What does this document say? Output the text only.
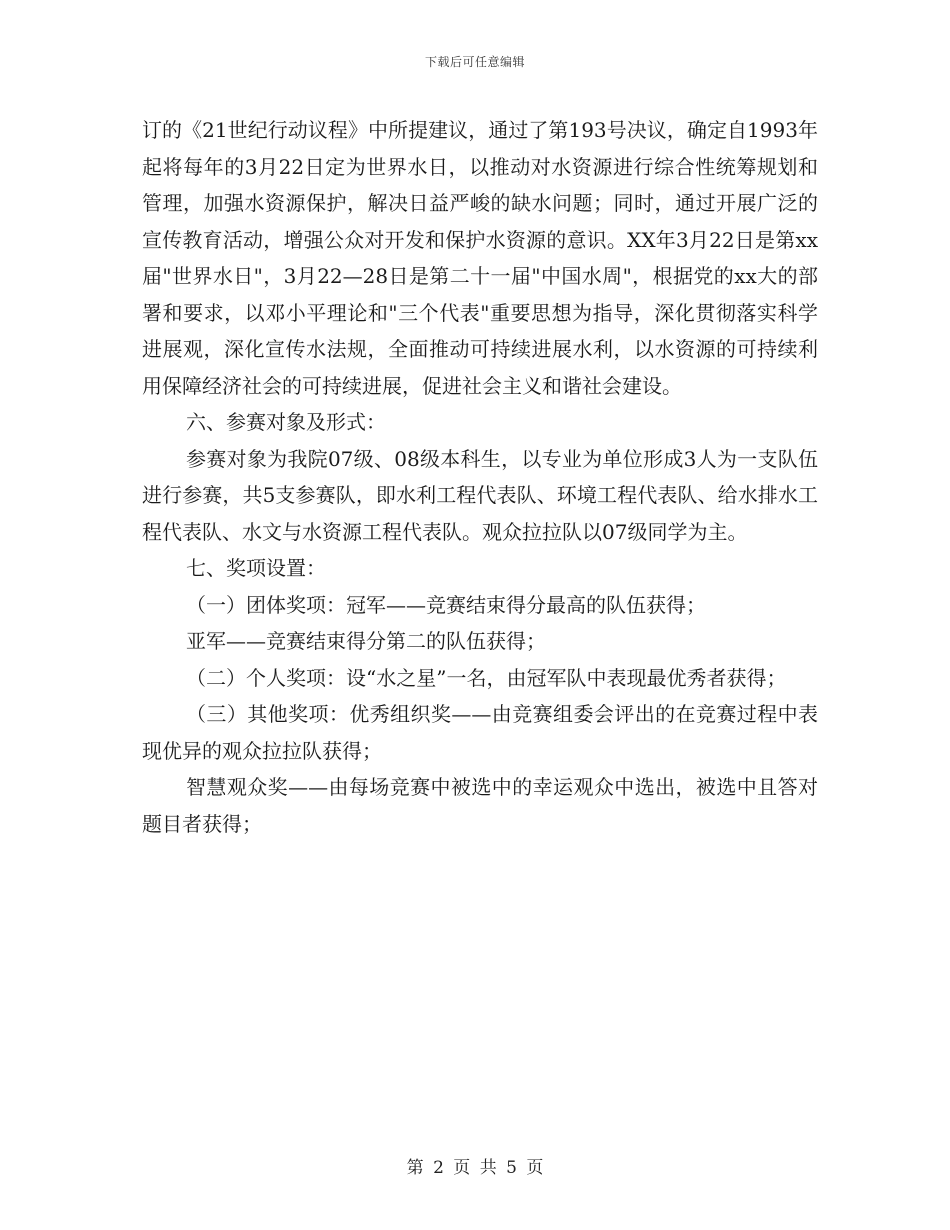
下载后可任意编辑

订的《21世纪行动议程》中所提建议，通过了第193号决议，确定自1993年起将每年的3月22日定为世界水日，以推动对水资源进行综合性统筹规划和管理，加强水资源保护，解决日益严峻的缺水问题；同时，通过开展广泛的宣传教育活动，增强公众对开发和保护水资源的意识。XX年3月22日是第xx届"世界水日"，3月22—28日是第二十一届"中国水周"，根据党的xx大的部署和要求，以邓小平理论和"三个代表"重要思想为指导，深化贯彻落实科学进展观，深化宣传水法规，全面推动可持续进展水利，以水资源的可持续利用保障经济社会的可持续进展，促进社会主义和谐社会建设。

六、参赛对象及形式：

参赛对象为我院07级、08级本科生，以专业为单位形成3人为一支队伍进行参赛，共5支参赛队，即水利工程代表队、环境工程代表队、给水排水工程代表队、水文与水资源工程代表队。观众拉拉队以07级同学为主。

七、奖项设置：

（一）团体奖项：冠军——竞赛结束得分最高的队伍获得；

亚军——竞赛结束得分第二的队伍获得；

（二）个人奖项：设“水之星”一名，由冠军队中表现最优秀者获得；

（三）其他奖项：优秀组织奖——由竞赛组委会评出的在竞赛过程中表现优异的观众拉拉队获得；

智慧观众奖——由每场竞赛中被选中的幸运观众中选出，被选中且答对题目者获得；

第 2 页 共 5 页
